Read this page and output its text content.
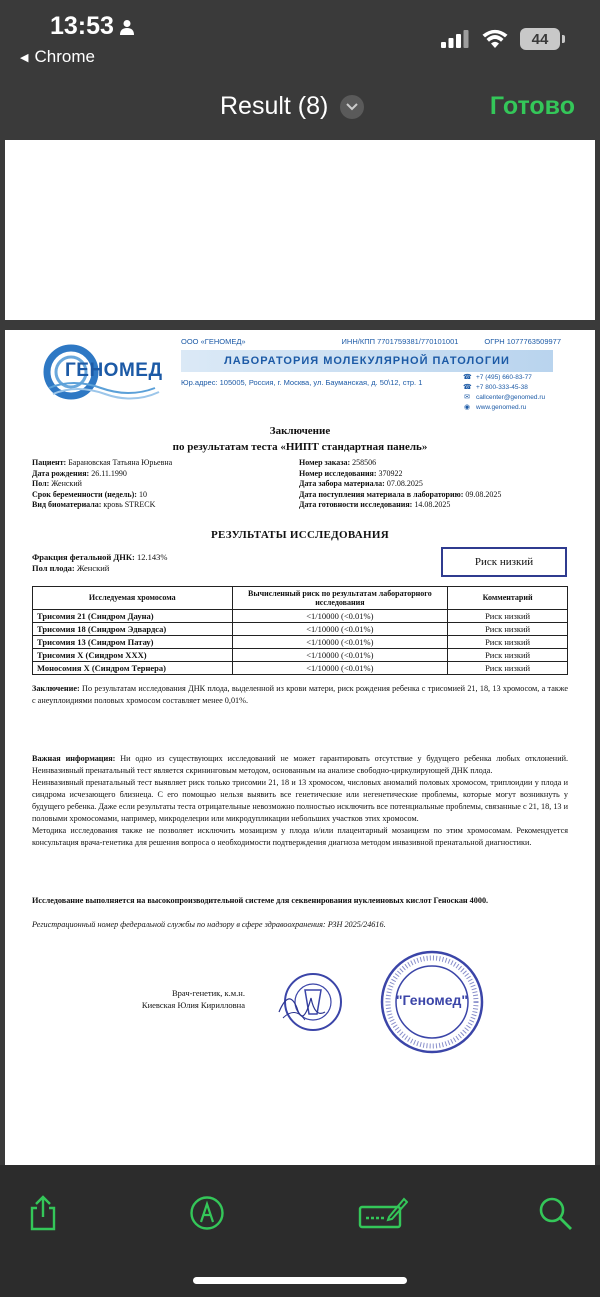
13:53
◀ Chrome
44
Result (8)	Готово
ГЕНОМЕД
ООО «ГЕНОМЕД»	ИНН/КПП 7701759381/770101001	ОГРН 1077763509977
ЛАБОРАТОРИЯ МОЛЕКУЛЯРНОЙ ПАТОЛОГИИ
Юр.адрес: 105005, Россия, г. Москва, ул. Бауманская, д. 50\12, стр. 1
☎ +7 (495) 660-83-77
☎ +7 800-333-45-38
✉ callcenter@genomed.ru
◉ www.genomed.ru
Заключение
по результатам теста «НИПТ стандартная панель»
Пациент: Барановская Татьяна Юрьевна
Дата рождения: 26.11.1990
Пол: Женский
Срок беременности (недель): 10
Вид биоматериала: кровь STRECK
Номер заказа: 258506
Номер исследования: 370922
Дата забора материала: 07.08.2025
Дата поступления материала в лабораторию: 09.08.2025
Дата готовности исследования: 14.08.2025
РЕЗУЛЬТАТЫ ИССЛЕДОВАНИЯ
Фракция фетальной ДНК: 12.143%
Пол плода: Женский	Риск низкий
Исследуемая хромосома	Вычисленный риск по результатам лабораторного исследования	Комментарий
Трисомия 21 (Синдром Дауна)	<1/10000 (<0.01%)	Риск низкий
Трисомия 18 (Синдром Эдвардса)	<1/10000 (<0.01%)	Риск низкий
Трисомия 13 (Синдром Патау)	<1/10000 (<0.01%)	Риск низкий
Трисомия X (Синдром XXX)	<1/10000 (<0.01%)	Риск низкий
Моносомия X (Синдром Тернера)	<1/10000 (<0.01%)	Риск низкий
Заключение: По результатам исследования ДНК плода, выделенной из крови матери, риск рождения ребенка с трисомией 21, 18, 13 хромосом, а также с анеуплоидиями половых хромосом составляет менее 0,01%.
Важная информация: Ни одно из существующих исследований не может гарантировать отсутствие у будущего ребенка любых отклонений. Неинвазивный пренатальный тест является скрининговым методом, основанным на анализе свободно-циркулирующей ДНК плода.
Неинвазивный пренатальный тест выявляет риск только трисомии 21, 18 и 13 хромосом, числовых аномалий половых хромосом, триплоидии у плода и синдрома исчезающего близнеца. С его помощью нельзя выявить все генетические или негенетические проблемы, которые могут возникнуть у будущего ребенка. Даже если результаты теста отрицательные невозможно полностью исключить все потенциальные проблемы, связанные с 21, 18, 13 и половыми хромосомами, например, микроделеции или микродупликации небольших участков этих хромосом.
Методика исследования также не позволяет исключить мозаицизм у плода и/или плацентарный мозаицизм по этим хромосомам. Рекомендуется консультация врача-генетика для решения вопроса о необходимости подтверждения диагноза методом инвазивной пренатальной диагностики.
Исследование выполняется на высокопроизводительной системе для секвенирования нуклеиновых кислот Геноскан 4000.
Регистрационный номер федеральной службы по надзору в сфере здравоохранения: РЗН 2025/24616.
Врач-генетик, к.м.н.
Киевская Юлия Кирилловна	"Геномед"
